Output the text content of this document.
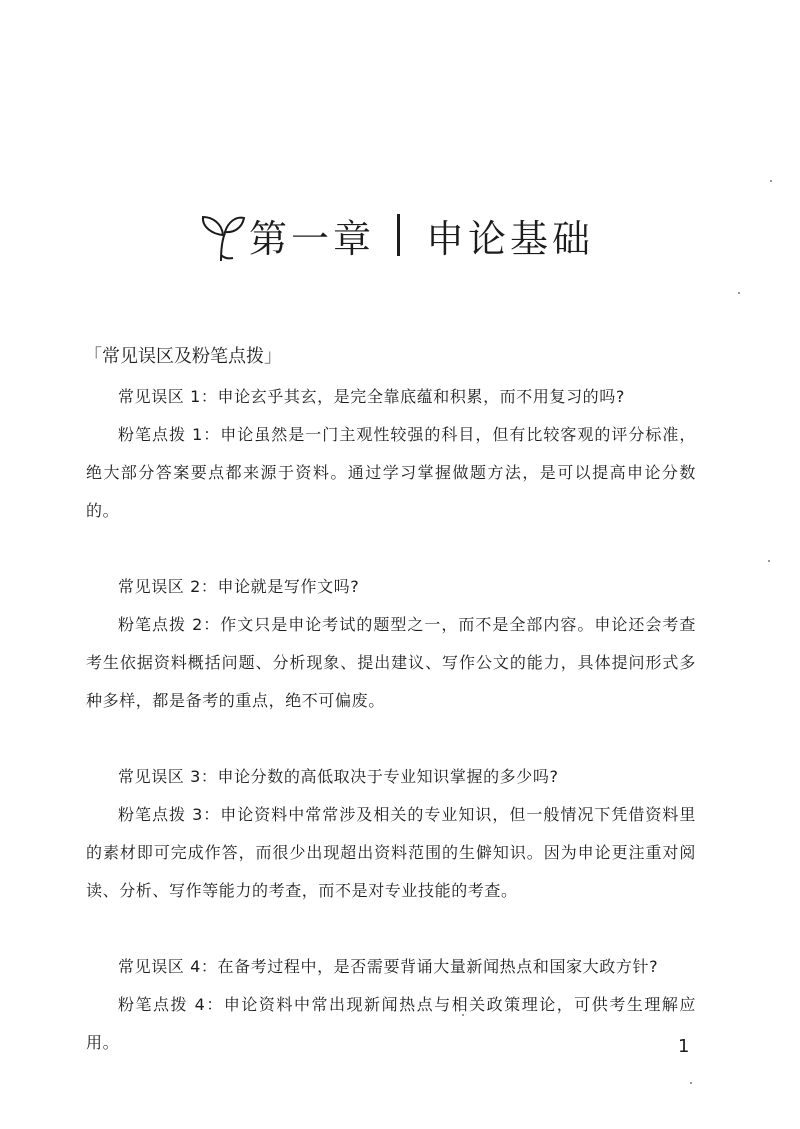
第一章 申论基础
「 常见误区及粉笔点拨 」

常见误区 1：申论玄乎其玄，是完全靠底蕴和积累，而不用复习的吗?

粉笔点拨 1：申论虽然是一门主观性较强的科目，但有比较客观的评分标准，绝大部分答案要点都来源于资料。通过学习掌握做题方法，是可以提高申论分数的。

常见误区 2：申论就是写作文吗?

粉笔点拨 2：作文只是申论考试的题型之一，而不是全部内容。申论还会考查考生依据资料概括问题、分析现象、提出建议、写作公文的能力，具体提问形式多种多样，都是备考的重点，绝不可偏废。

常见误区 3：申论分数的高低取决于专业知识掌握的多少吗?

粉笔点拨 3：申论资料中常常涉及相关的专业知识，但一般情况下凭借资料里的素材即可完成作答，而很少出现超出资料范围的生僻知识。因为申论更注重对阅读、分析、写作等能力的考查，而不是对专业技能的考查。

常见误区 4：在备考过程中，是否需要背诵大量新闻热点和国家大政方针?

粉笔点拨 4：申论资料中常出现新闻热点与相关政策理论，可供考生理解应用。	1
